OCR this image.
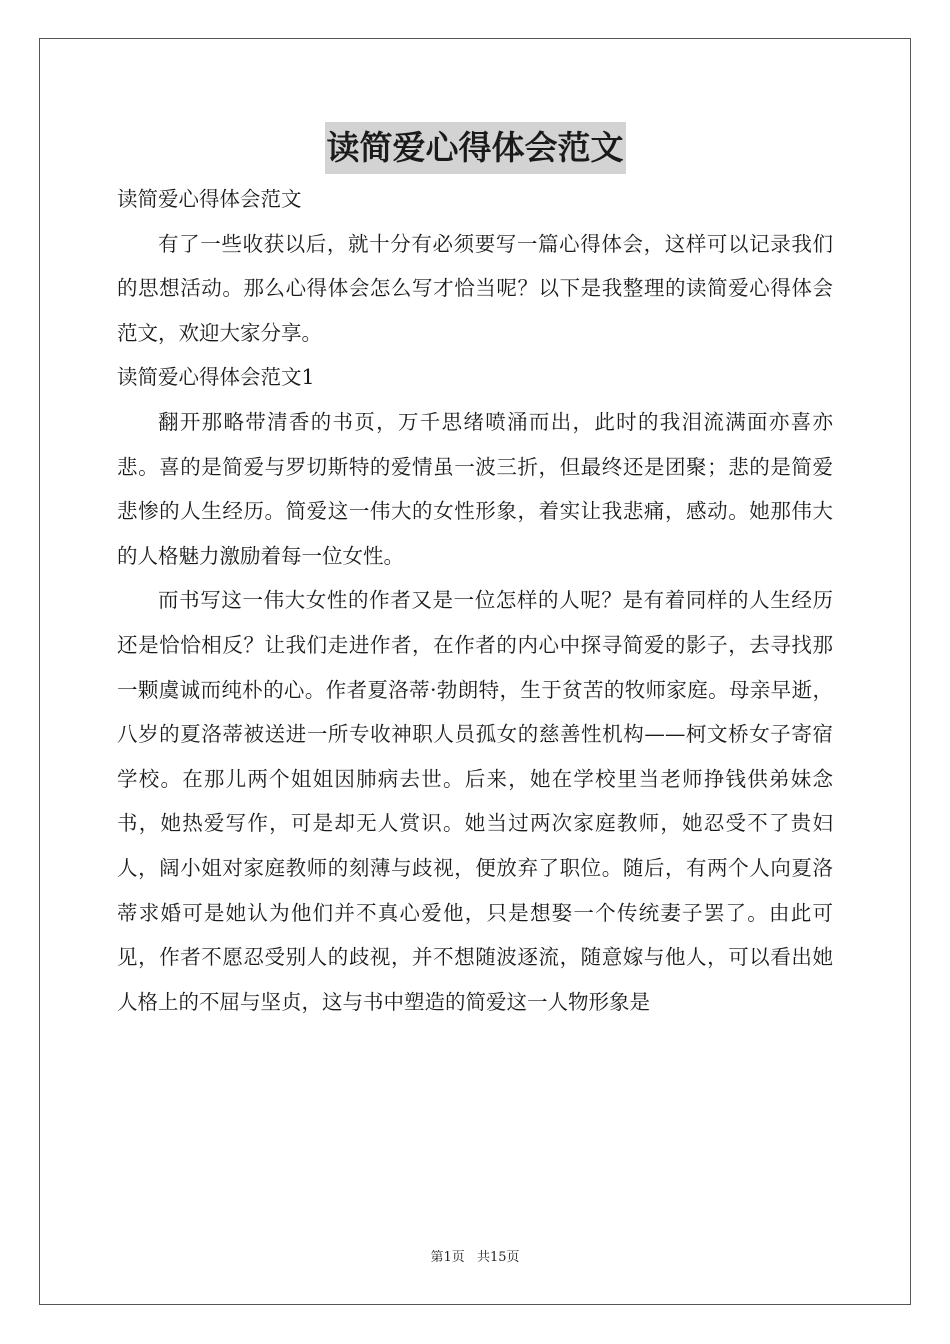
读简爱心得体会范文

读简爱心得体会范文

有了一些收获以后，就十分有必须要写一篇心得体会，这样可以记录我们的思想活动。那么心得体会怎么写才恰当呢？以下是我整理的读简爱心得体会范文，欢迎大家分享。

读简爱心得体会范文1

翻开那略带清香的书页，万千思绪喷涌而出，此时的我泪流满面亦喜亦悲。喜的是简爱与罗切斯特的爱情虽一波三折，但最终还是团聚；悲的是简爱悲惨的人生经历。简爱这一伟大的女性形象，着实让我悲痛，感动。她那伟大的人格魅力激励着每一位女性。

而书写这一伟大女性的作者又是一位怎样的人呢？是有着同样的人生经历还是恰恰相反？让我们走进作者，在作者的内心中探寻简爱的影子，去寻找那一颗虞诚而纯朴的心。作者夏洛蒂·勃朗特，生于贫苦的牧师家庭。母亲早逝，八岁的夏洛蒂被送进一所专收神职人员孤女的慈善性机构——柯文桥女子寄宿学校。在那儿两个姐姐因肺病去世。后来，她在学校里当老师挣钱供弟妹念书，她热爱写作，可是却无人赏识。她当过两次家庭教师，她忍受不了贵妇人，阔小姐对家庭教师的刻薄与歧视，便放弃了职位。随后，有两个人向夏洛蒂求婚可是她认为他们并不真心爱他，只是想娶一个传统妻子罢了。由此可见，作者不愿忍受别人的歧视，并不想随波逐流，随意嫁与他人，可以看出她人格上的不屈与坚贞，这与书中塑造的简爱这一人物形象是

第1页 共15页
